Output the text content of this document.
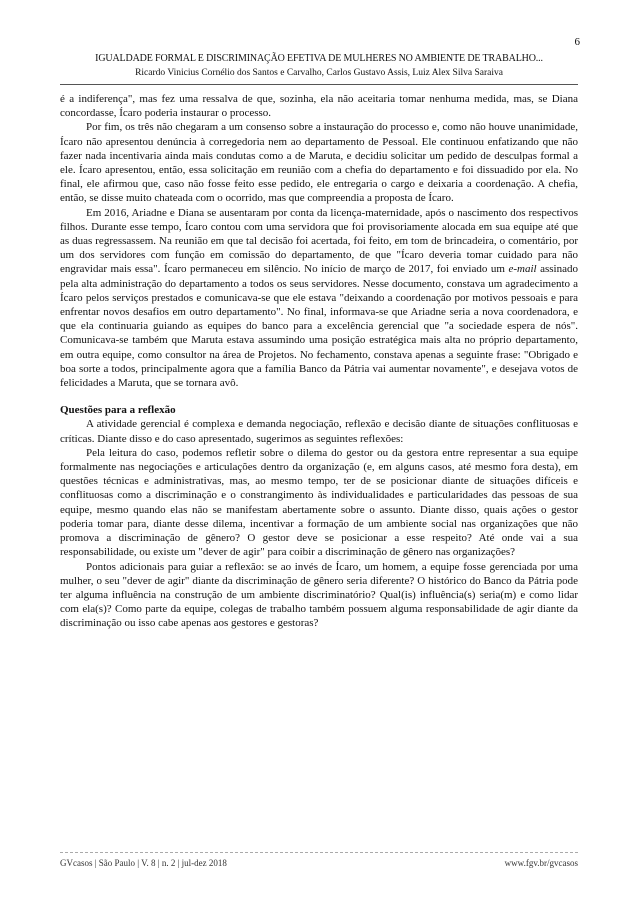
6
IGUALDADE FORMAL E DISCRIMINAÇÃO EFETIVA DE MULHERES NO AMBIENTE DE TRABALHO...
Ricardo Vinicius Cornélio dos Santos e Carvalho, Carlos Gustavo Assis, Luiz Alex Silva Saraiva

é a indiferença", mas fez uma ressalva de que, sozinha, ela não aceitaria tomar nenhuma medida, mas, se Diana concordasse, Ícaro poderia instaurar o processo.

Por fim, os três não chegaram a um consenso sobre a instauração do processo e, como não houve unanimidade, Ícaro não apresentou denúncia à corregedoria nem ao departamento de Pessoal. Ele continuou enfatizando que não fazer nada incentivaria ainda mais condutas como a de Maruta, e decidiu solicitar um pedido de desculpas formal a ele. Ícaro apresentou, então, essa solicitação em reunião com a chefia do departamento e foi dissuadido por ela. No final, ele afirmou que, caso não fosse feito esse pedido, ele entregaria o cargo e deixaria a coordenação. A chefia, então, se disse muito chateada com o ocorrido, mas que compreendia a proposta de Ícaro.

Em 2016, Ariadne e Diana se ausentaram por conta da licença-maternidade, após o nascimento dos respectivos filhos. Durante esse tempo, Ícaro contou com uma servidora que foi provisoriamente alocada em sua equipe até que as duas regressassem. Na reunião em que tal decisão foi acertada, foi feito, em tom de brincadeira, o comentário, por um dos servidores com função em comissão do departamento, de que "Ícaro deveria tomar cuidado para não engravidar mais essa". Ícaro permaneceu em silêncio. No início de março de 2017, foi enviado um e-mail assinado pela alta administração do departamento a todos os seus servidores. Nesse documento, constava um agradecimento a Ícaro pelos serviços prestados e comunicava-se que ele estava "deixando a coordenação por motivos pessoais e para enfrentar novos desafios em outro departamento". No final, informava-se que Ariadne seria a nova coordenadora, e que ela continuaria guiando as equipes do banco para a excelência gerencial que "a sociedade espera de nós". Comunicava-se também que Maruta estava assumindo uma posição estratégica mais alta no próprio departamento, em outra equipe, como consultor na área de Projetos. No fechamento, constava apenas a seguinte frase: "Obrigado e boa sorte a todos, principalmente agora que a família Banco da Pátria vai aumentar novamente", e desejava votos de felicidades a Maruta, que se tornara avô.

Questões para a reflexão

A atividade gerencial é complexa e demanda negociação, reflexão e decisão diante de situações conflituosas e críticas. Diante disso e do caso apresentado, sugerimos as seguintes reflexões:

Pela leitura do caso, podemos refletir sobre o dilema do gestor ou da gestora entre representar a sua equipe formalmente nas negociações e articulações dentro da organização (e, em alguns casos, até mesmo fora desta), em questões técnicas e administrativas, mas, ao mesmo tempo, ter de se posicionar diante de situações difíceis e conflituosas como a discriminação e o constrangimento às individualidades e particularidades das pessoas de sua equipe, mesmo quando elas não se manifestam abertamente sobre o assunto. Diante disso, quais ações o gestor poderia tomar para, diante desse dilema, incentivar a formação de um ambiente social nas organizações que não promova a discriminação de gênero? O gestor deve se posicionar a esse respeito? Até onde vai a sua responsabilidade, ou existe um "dever de agir" para coibir a discriminação de gênero nas organizações?

Pontos adicionais para guiar a reflexão: se ao invés de Ícaro, um homem, a equipe fosse gerenciada por uma mulher, o seu "dever de agir" diante da discriminação de gênero seria diferente? O histórico do Banco da Pátria pode ter alguma influência na construção de um ambiente discriminatório? Qual(is) influência(s) seria(m) e como lidar com ela(s)? Como parte da equipe, colegas de trabalho também possuem alguma responsabilidade de agir diante da discriminação ou isso cabe apenas aos gestores e gestoras?

GVcasos | São Paulo | V. 8 | n. 2 | jul-dez 2018	www.fgv.br/gvcasos
